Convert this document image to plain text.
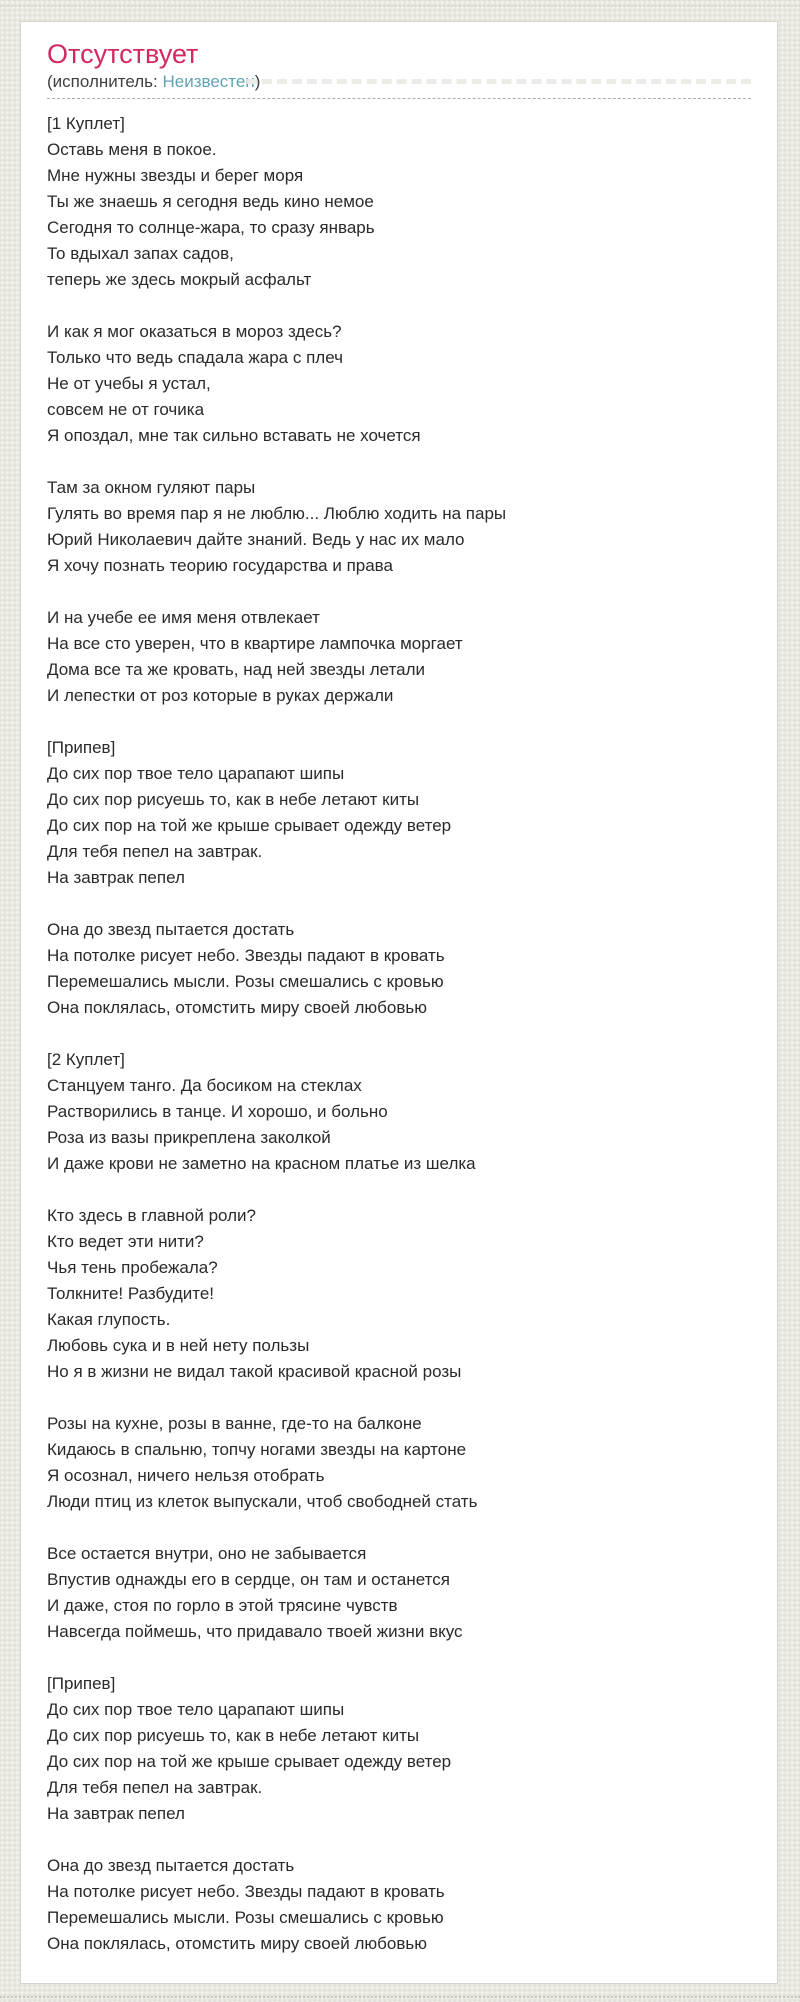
Отсутствует
(исполнитель: Неизвестен)
[1 Куплет]
Оставь меня в покое.
Мне нужны звезды и берег моря
Ты же знаешь я сегодня ведь кино немое
Сегодня то солнце-жара, то сразу январь
То вдыхал запах садов,
теперь же здесь мокрый асфальт
И как я мог оказаться в мороз здесь?
Только что ведь спадала жара с плеч
Не от учебы я устал,
совсем не от гочика
Я опоздал, мне так сильно вставать не хочется
Там за окном гуляют пары
Гулять во время пар я не люблю... Люблю ходить на пары
Юрий Николаевич дайте знаний. Ведь у нас их мало
Я хочу познать теорию государства и права
И на учебе ее имя меня отвлекает
На все сто уверен, что в квартире лампочка моргает
Дома все та же кровать, над ней звезды летали
И лепестки от роз которые в руках держали
[Припев]
До сих пор твое тело царапают шипы
До сих пор рисуешь то, как в небе летают киты
До сих пор на той же крыше срывает одежду ветер
Для тебя пепел на завтрак.
На завтрак пепел
Она до звезд пытается достать
На потолке рисует небо. Звезды падают в кровать
Перемешались мысли. Розы смешались с кровью
Она поклялась, отомстить миру своей любовью
[2 Куплет]
Станцуем танго. Да босиком на стеклах
Растворились в танце. И хорошо, и больно
Роза из вазы прикреплена заколкой
И даже крови не заметно на красном платье из шелка
Кто здесь в главной роли?
Кто ведет эти нити?
Чья тень пробежала?
Толкните! Разбудите!
Какая глупость.
Любовь сука и в ней нету пользы
Но я в жизни не видал такой красивой красной розы
Розы на кухне, розы в ванне, где-то на балконе
Кидаюсь в спальню, топчу ногами звезды на картоне
Я осознал, ничего нельзя отобрать
Люди птиц из клеток выпускали, чтоб свободней стать
Все остается внутри, оно не забывается
Впустив однажды его в сердце, он там и останется
И даже, стоя по горло в этой трясине чувств
Навсегда поймешь, что придавало твоей жизни вкус
[Припев]
До сих пор твое тело царапают шипы
До сих пор рисуешь то, как в небе летают киты
До сих пор на той же крыше срывает одежду ветер
Для тебя пепел на завтрак.
На завтрак пепел
Она до звезд пытается достать
На потолке рисует небо. Звезды падают в кровать
Перемешались мысли. Розы смешались с кровью
Она поклялась, отомстить миру своей любовью
